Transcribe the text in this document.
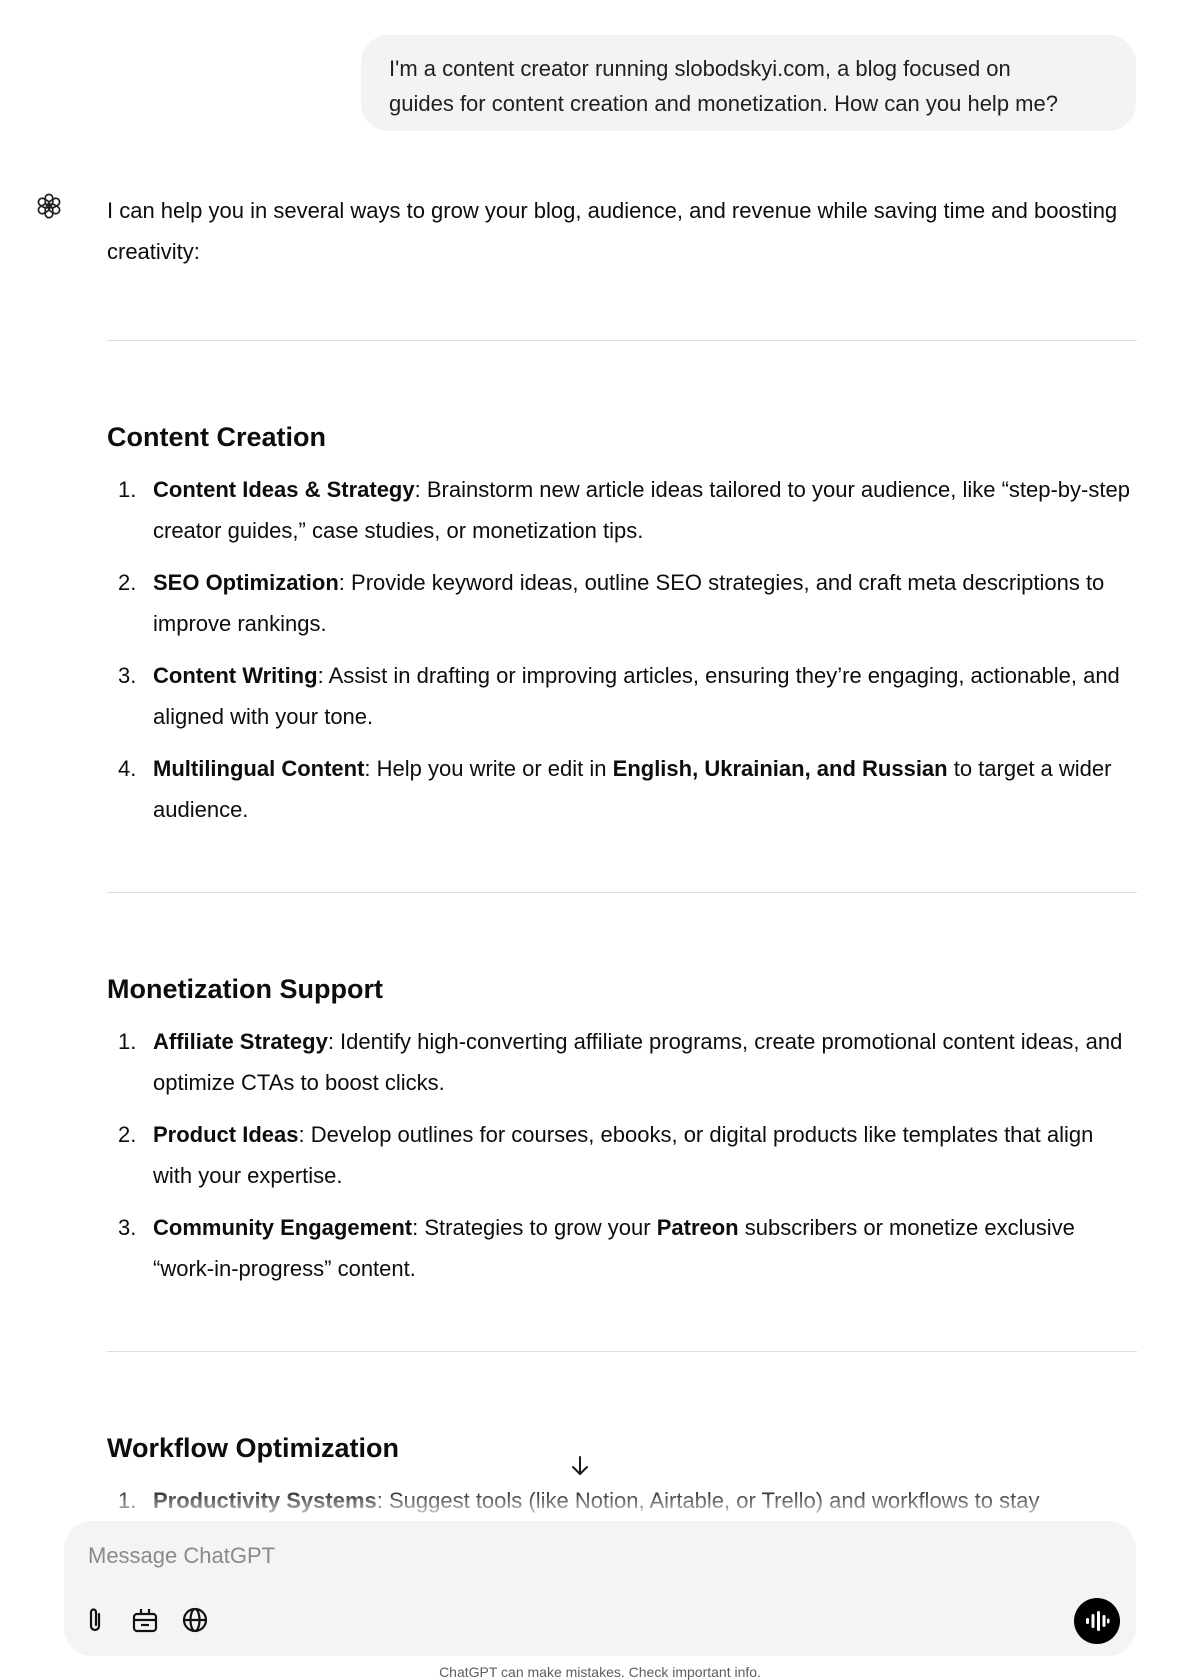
I'm a content creator running slobodskyi.com, a blog focused on
guides for content creation and monetization. How can you help me?

I can help you in several ways to grow your blog, audience, and revenue while saving time and boosting creativity:

Content Creation
1. Content Ideas & Strategy: Brainstorm new article ideas tailored to your audience, like “step-by-step creator guides,” case studies, or monetization tips.
2. SEO Optimization: Provide keyword ideas, outline SEO strategies, and craft meta descriptions to improve rankings.
3. Content Writing: Assist in drafting or improving articles, ensuring they’re engaging, actionable, and aligned with your tone.
4. Multilingual Content: Help you write or edit in English, Ukrainian, and Russian to target a wider audience.
Monetization Support
1. Affiliate Strategy: Identify high-converting affiliate programs, create promotional content ideas, and optimize CTAs to boost clicks.
2. Product Ideas: Develop outlines for courses, ebooks, or digital products like templates that align with your expertise.
3. Community Engagement: Strategies to grow your Patreon subscribers or monetize exclusive “work-in-progress” content.
Workflow Optimization
1. Productivity Systems: Suggest tools (like Notion, Airtable, or Trello) and workflows to stay
Message ChatGPT
ChatGPT can make mistakes. Check important info.
